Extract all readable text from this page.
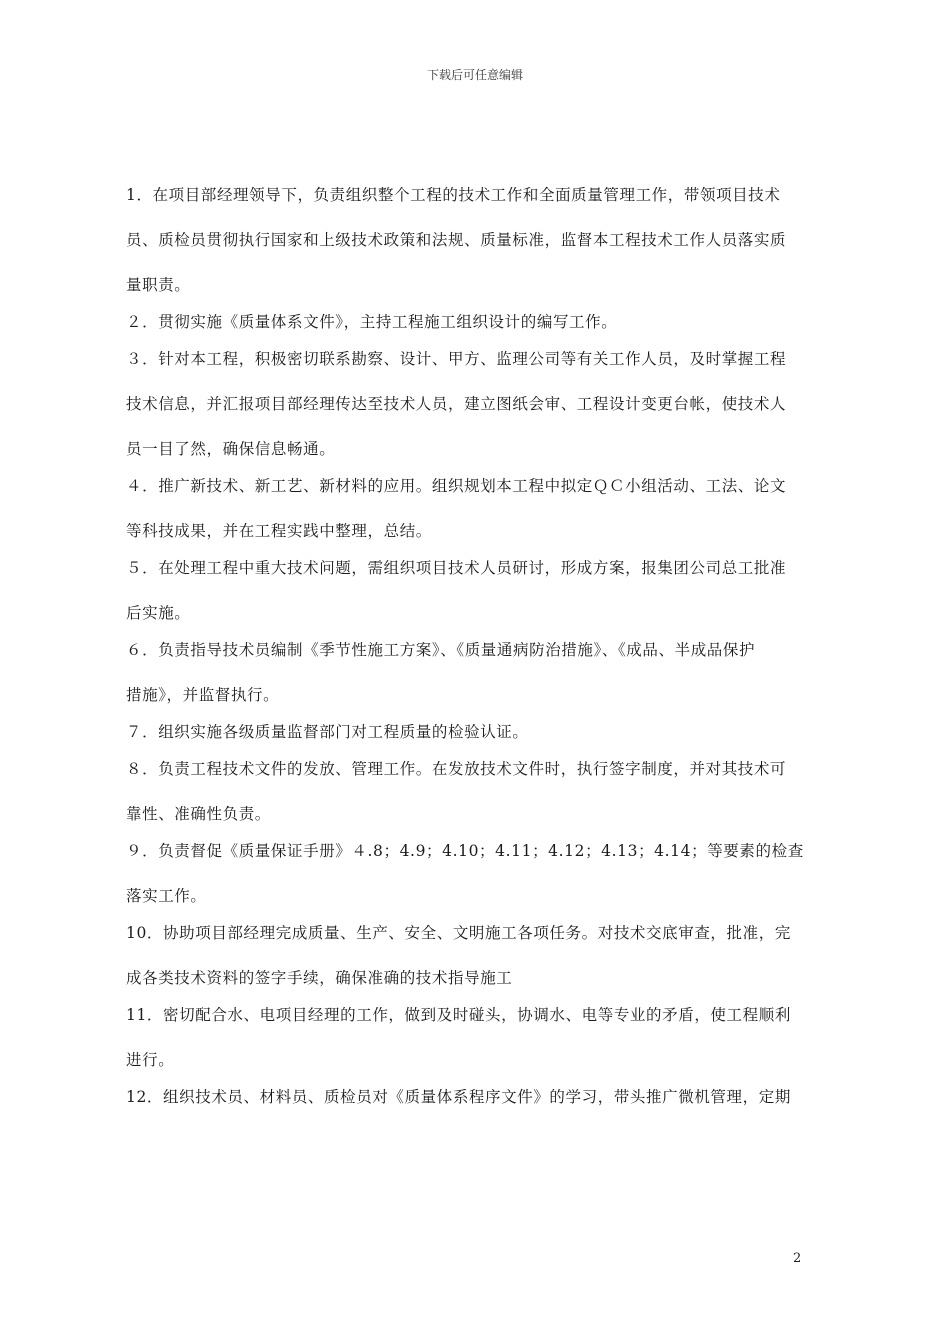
下载后可任意编辑
1．在项目部经理领导下，负责组织整个工程的技术工作和全面质量管理工作，带领项目技术
员、质检员贯彻执行国家和上级技术政策和法规、质量标准，监督本工程技术工作人员落实质
量职责。
２．贯彻实施《质量体系文件》，主持工程施工组织设计的编写工作。
３．针对本工程，积极密切联系勘察、设计、甲方、监理公司等有关工作人员，及时掌握工程
技术信息，并汇报项目部经理传达至技术人员，建立图纸会审、工程设计变更台帐，使技术人
员一目了然，确保信息畅通。
４．推广新技术、新工艺、新材料的应用。组织规划本工程中拟定ＱＣ小组活动、工法、论文
等科技成果，并在工程实践中整理，总结。
５．在处理工程中重大技术问题，需组织项目技术人员研讨，形成方案，报集团公司总工批准
后实施。
６．负责指导技术员编制《季节性施工方案》、《质量通病防治措施》、《成品、半成品保护
措施》，并监督执行。
７．组织实施各级质量监督部门对工程质量的检验认证。
８．负责工程技术文件的发放、管理工作。在发放技术文件时，执行签字制度，并对其技术可
靠性、准确性负责。
９．负责督促《质量保证手册》４.8；4.9；4.10；4.11；4.12；4.13；4.14；等要素的检查
落实工作。
10．协助项目部经理完成质量、生产、安全、文明施工各项任务。对技术交底审查，批准，完
成各类技术资料的签字手续，确保准确的技术指导施工
11．密切配合水、电项目经理的工作，做到及时碰头，协调水、电等专业的矛盾，使工程顺利
进行。
12．组织技术员、材料员、质检员对《质量体系程序文件》的学习，带头推广微机管理，定期
2
